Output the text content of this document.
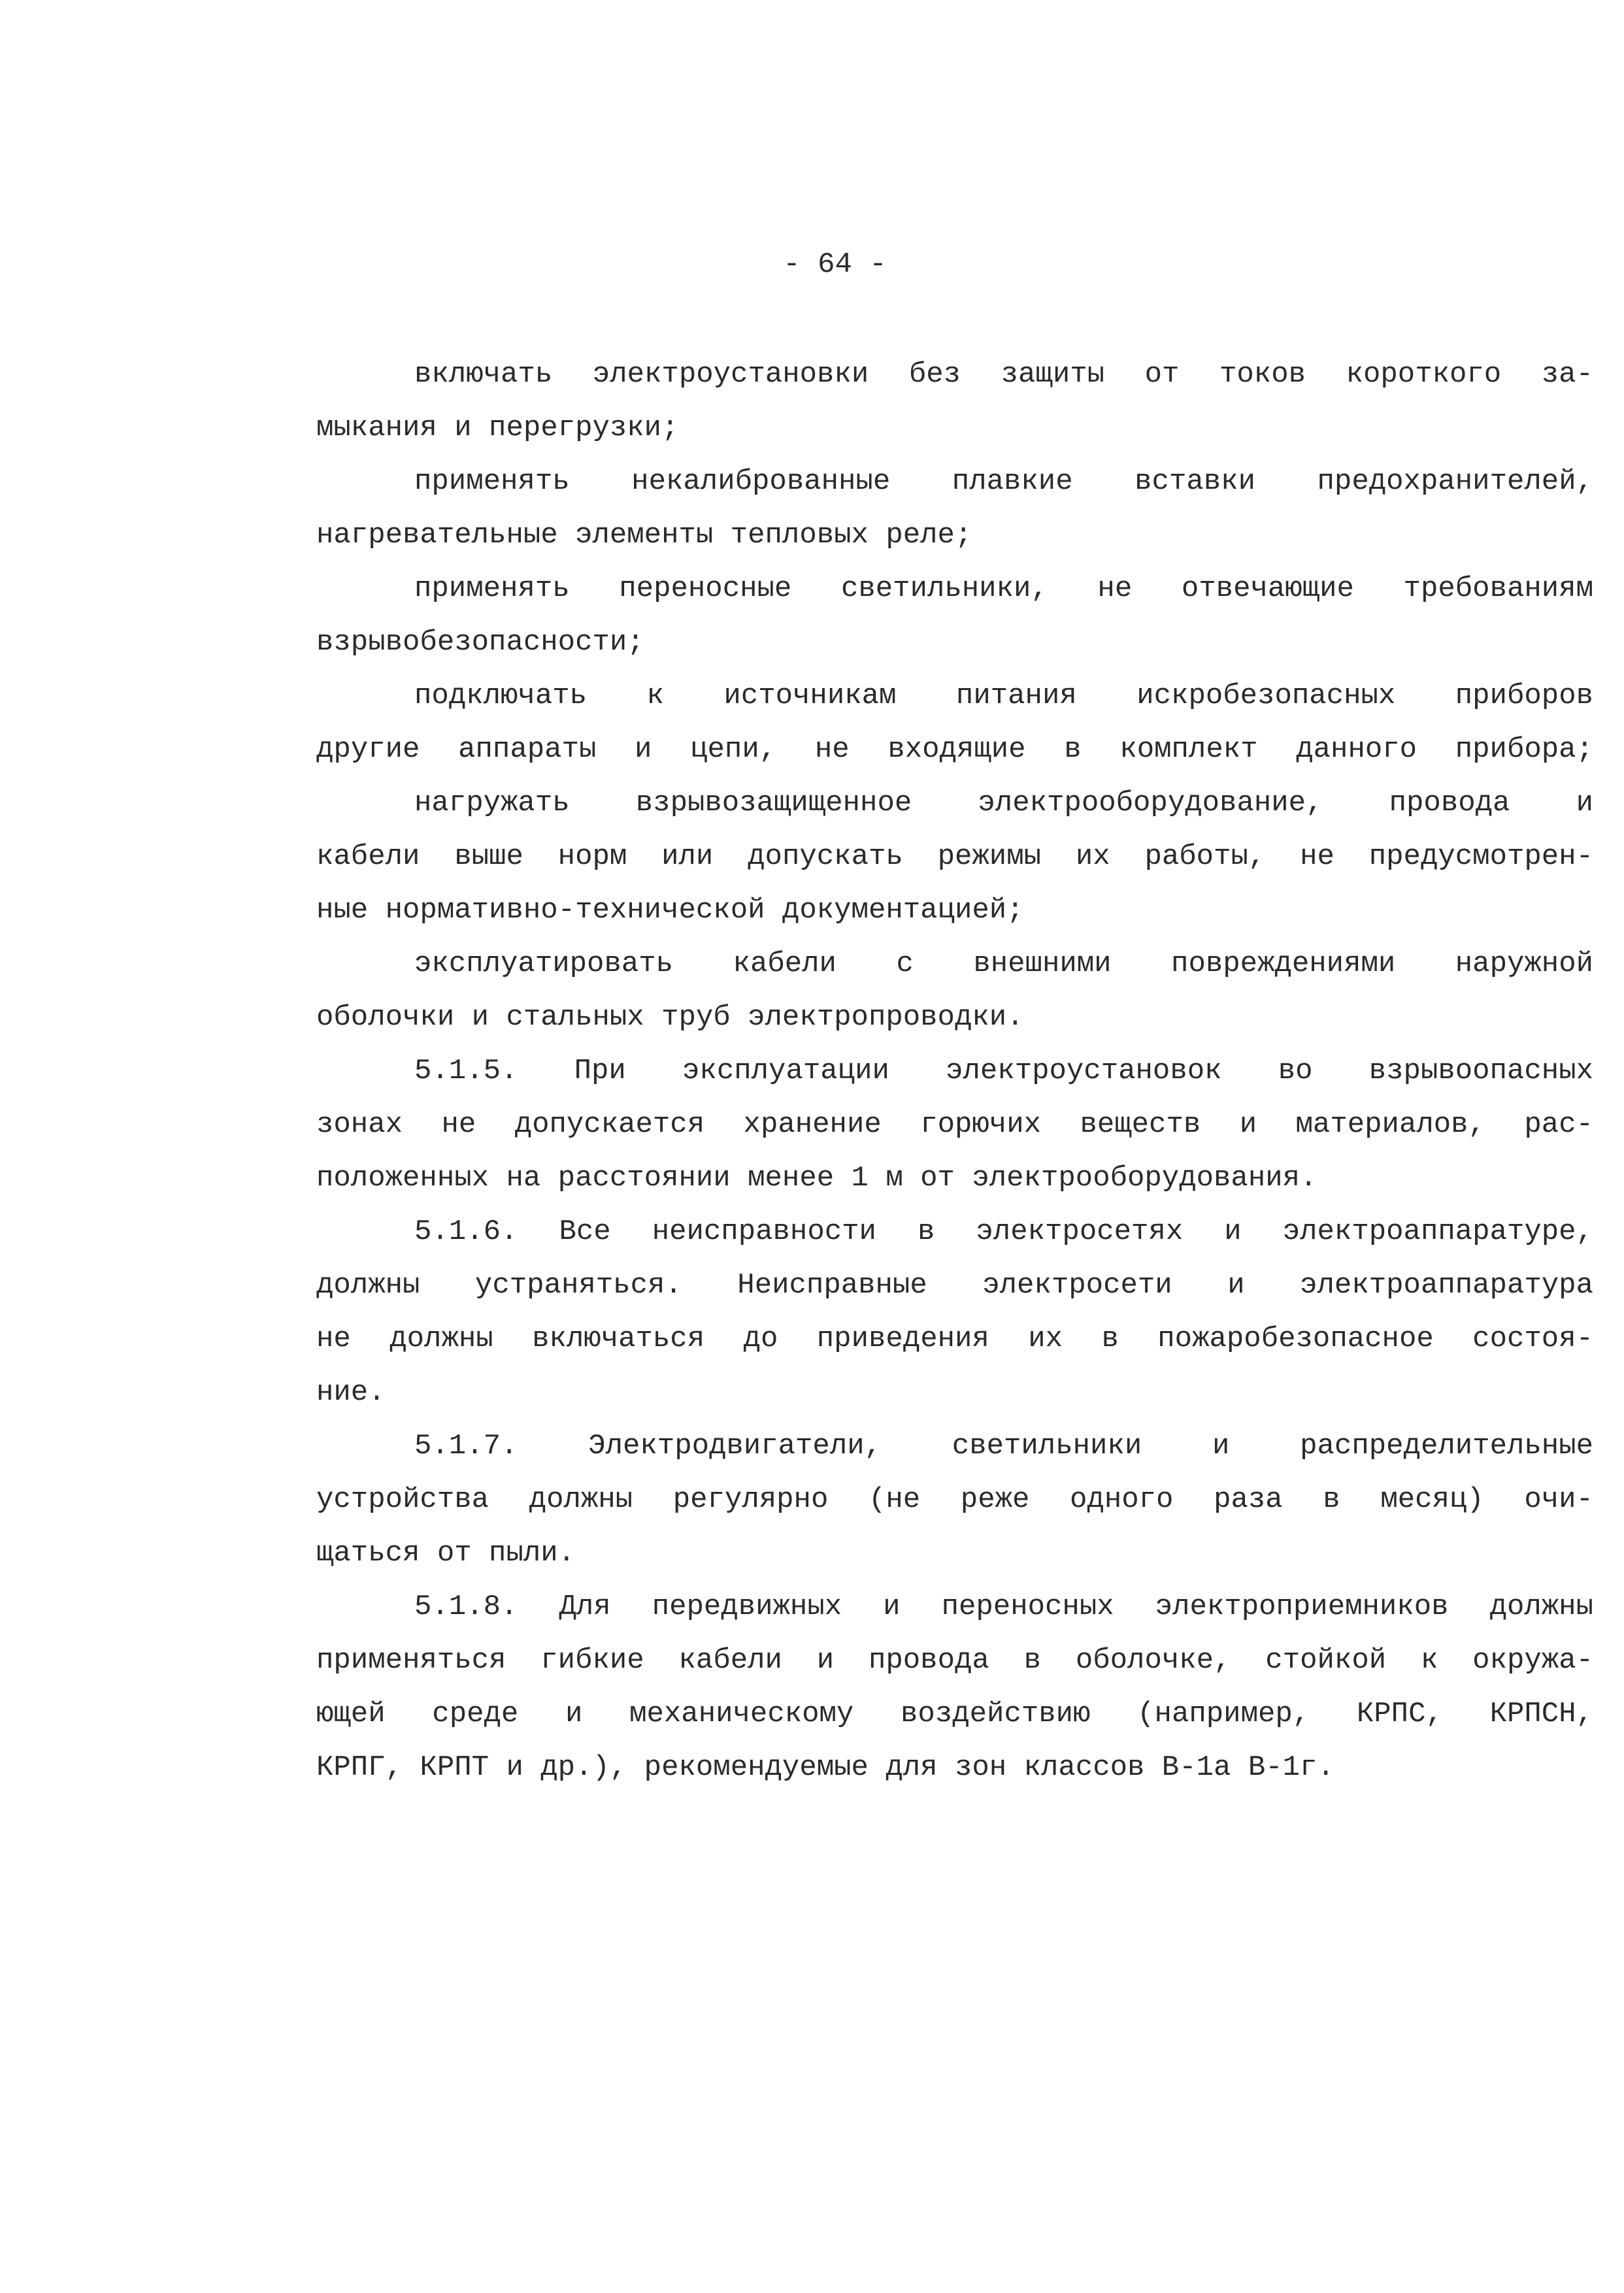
- 64 -
включать электроустановки без защиты от токов короткого за-
мыкания и перегрузки;
применять некалиброванные плавкие вставки предохранителей,
нагревательные элементы тепловых реле;
применять переносные светильники, не отвечающие требованиям
взрывобезопасности;
подключать к источникам питания искробезопасных приборов
другие аппараты и цепи, не входящие в комплект данного прибора;
нагружать взрывозащищенное электрооборудование, провода и
кабели выше норм или допускать режимы их работы, не предусмотрен-
ные нормативно-технической документацией;
эксплуатировать кабели с внешними повреждениями наружной
оболочки и стальных труб электропроводки.
5.1.5. При эксплуатации электроустановок во взрывоопасных
зонах не допускается хранение горючих веществ и материалов, рас-
положенных на расстоянии менее 1 м от электрооборудования.
5.1.6. Все неисправности в электросетях и электроаппаратуре,
должны устраняться. Неисправные электросети и электроаппаратура
не должны включаться до приведения их в пожаробезопасное состоя-
ние.
5.1.7. Электродвигатели, светильники и распределительные
устройства должны регулярно (не реже одного раза в месяц) очи-
щаться от пыли.
5.1.8. Для передвижных и переносных электроприемников должны
применяться гибкие кабели и провода в оболочке, стойкой к окружа-
ющей среде и механическому воздействию (например, КРПС, КРПСН,
КРПГ, КРПТ и др.), рекомендуемые для зон классов В-1а В-1г.
